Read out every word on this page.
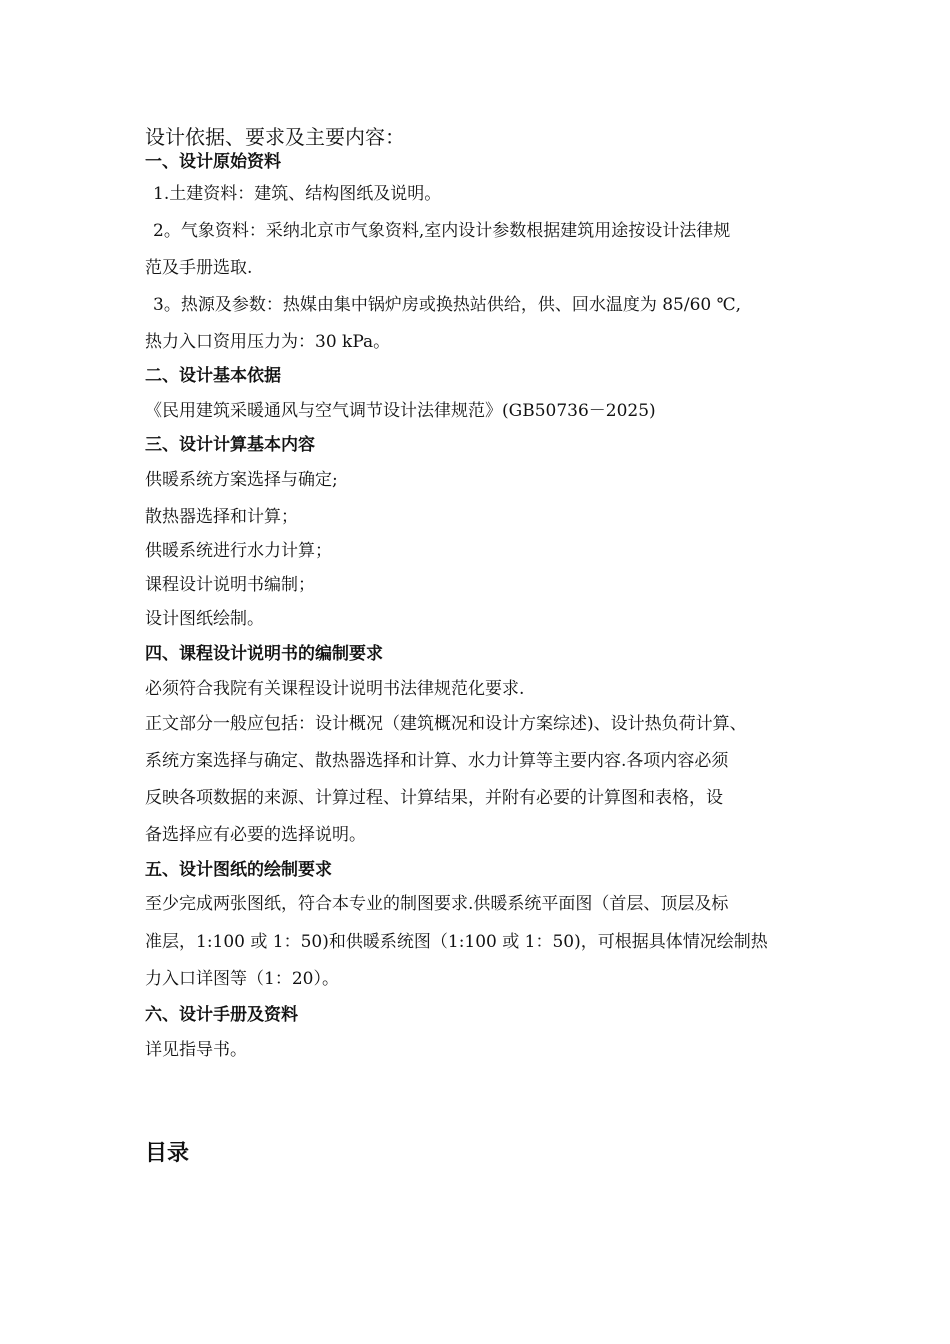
设计依据、要求及主要内容：
一、设计原始资料
1.土建资料：建筑、结构图纸及说明。
2。气象资料：采纳北京市气象资料,室内设计参数根据建筑用途按设计法律规
范及手册选取.
3。热源及参数：热媒由集中锅炉房或换热站供给，供、回水温度为 85/60 ℃,
热力入口资用压力为：30 kPa。
二、设计基本依据
《民用建筑采暖通风与空气调节设计法律规范》(GB50736－2025)
三、设计计算基本内容
供暖系统方案选择与确定;
散热器选择和计算；
供暖系统进行水力计算；
课程设计说明书编制；
设计图纸绘制。
四、课程设计说明书的编制要求
必须符合我院有关课程设计说明书法律规范化要求.
正文部分一般应包括：设计概况（建筑概况和设计方案综述)、设计热负荷计算、
系统方案选择与确定、散热器选择和计算、水力计算等主要内容.各项内容必须
反映各项数据的来源、计算过程、计算结果，并附有必要的计算图和表格，设
备选择应有必要的选择说明。
五、设计图纸的绘制要求
至少完成两张图纸，符合本专业的制图要求.供暖系统平面图（首层、顶层及标
准层，1:100 或 1：50)和供暖系统图（1:100 或 1：50)，可根据具体情况绘制热
力入口详图等（1：20）。
六、设计手册及资料
详见指导书。
目录
